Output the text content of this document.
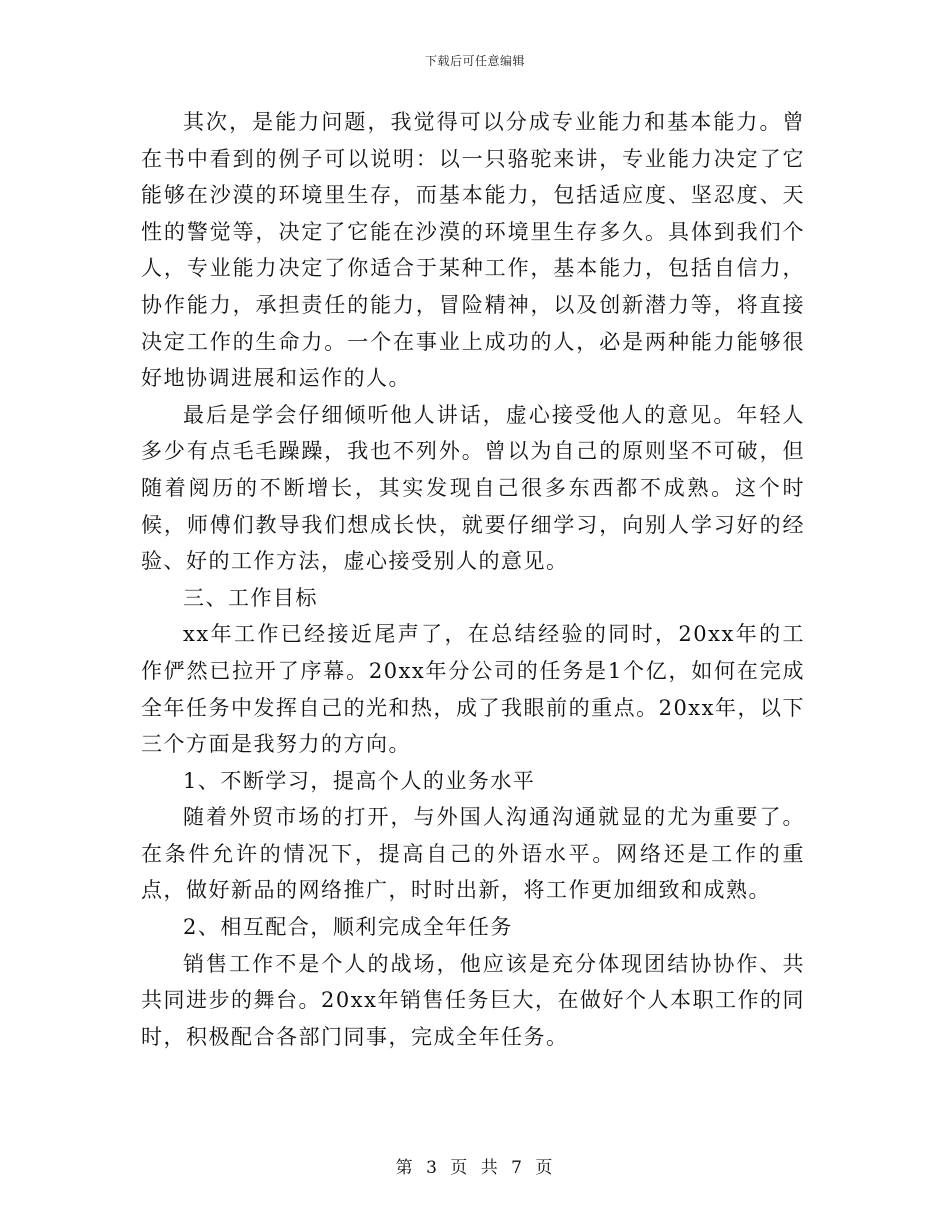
下载后可任意编辑

其次，是能力问题，我觉得可以分成专业能力和基本能力。曾在书中看到的例子可以说明：以一只骆驼来讲，专业能力决定了它能够在沙漠的环境里生存，而基本能力，包括适应度、坚忍度、天性的警觉等，决定了它能在沙漠的环境里生存多久。具体到我们个人，专业能力决定了你适合于某种工作，基本能力，包括自信力，协作能力，承担责任的能力，冒险精神，以及创新潜力等，将直接决定工作的生命力。一个在事业上成功的人，必是两种能力能够很好地协调进展和运作的人。

最后是学会仔细倾听他人讲话，虚心接受他人的意见。年轻人多少有点毛毛躁躁，我也不列外。曾以为自己的原则坚不可破，但随着阅历的不断增长，其实发现自己很多东西都不成熟。这个时候，师傅们教导我们想成长快，就要仔细学习，向别人学习好的经验、好的工作方法，虚心接受别人的意见。

三、工作目标

xx年工作已经接近尾声了，在总结经验的同时，20xx年的工作俨然已拉开了序幕。20xx年分公司的任务是1个亿，如何在完成全年任务中发挥自己的光和热，成了我眼前的重点。20xx年，以下三个方面是我努力的方向。

1、不断学习，提高个人的业务水平

随着外贸市场的打开，与外国人沟通沟通就显的尤为重要了。在条件允许的情况下，提高自己的外语水平。网络还是工作的重点，做好新品的网络推广，时时出新，将工作更加细致和成熟。

2、相互配合，顺利完成全年任务

销售工作不是个人的战场，他应该是充分体现团结协协作、共共同进步的舞台。20xx年销售任务巨大，在做好个人本职工作的同时，积极配合各部门同事，完成全年任务。

第 3 页 共 7 页
